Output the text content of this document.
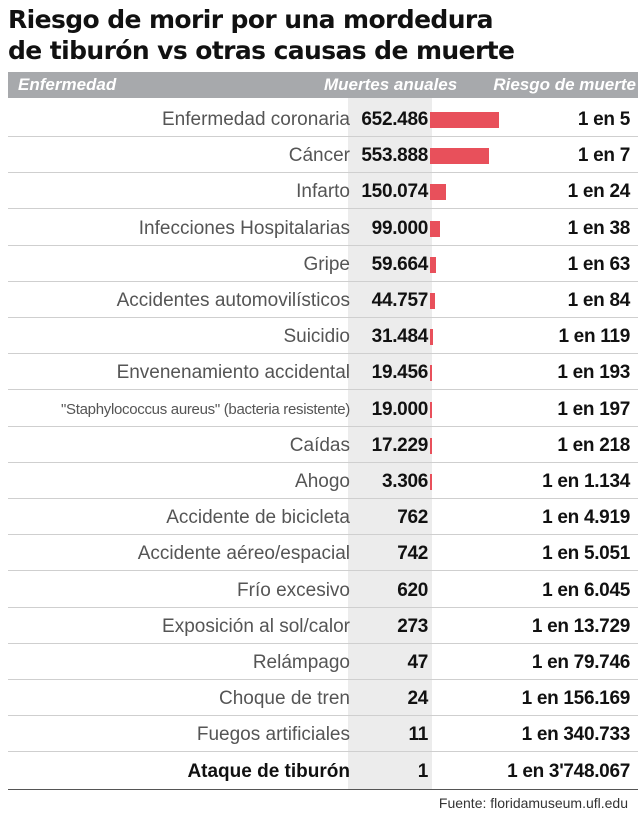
Riesgo de morir por una mordedura
de tiburón vs otras causas de muerte
Enfermedad	Muertes anuales Riesgo de muerte
Enfermedad coronaria 652.486	1 en 5
Cáncer 553.888	1 en 7
Infarto 150.074	1 en 24
Infecciones Hospitalarias 99.000	1 en 38
Gripe 59.664	1 en 63
Accidentes automovilísticos 44.757	1 en 84
Suicidio 31.484	1 en 119
Envenenamiento accidental 19.456	1 en 193
"Staphylococcus aureus" (bacteria resistente) 19.000	1 en 197
Caídas 17.229	1 en 218
Ahogo 3.306	1 en 1.134
Accidente de bicicleta 762	1 en 4.919
Accidente aéreo/espacial 742	1 en 5.051
Frío excesivo 620	1 en 6.045
Exposición al sol/calor 273	1 en 13.729
Relámpago	47	1 en 79.746
Choque de tren	24	1 en 156.169
Fuegos artificiales	11	1 en 340.733
Ataque de tiburón	1	1 en 3'748.067
Fuente: floridamuseum.ufl.edu
